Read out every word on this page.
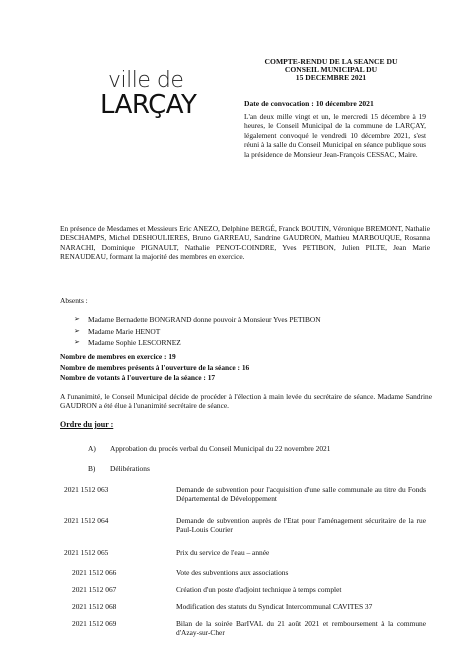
ville de
LARÇAY
COMPTE-RENDU DE LA SEANCE DU
CONSEIL MUNICIPAL DU
15 DECEMBRE 2021
Date de convocation : 10 décembre 2021
L'an deux mille vingt et un, le mercredi 15 décembre à 19 heures, le Conseil Municipal de la commune de LARÇAY, légalement convoqué le vendredi 10 décembre 2021, s'est réuni à la salle du Conseil Municipal en séance publique sous la présidence de Monsieur Jean-François CESSAC, Maire.
En présence de Mesdames et Messieurs Eric ANEZO, Delphine BERGÉ, Franck BOUTIN, Véronique BREMONT, Nathalie DESCHAMPS, Michel DESHOULIERES, Bruno GARREAU, Sandrine GAUDRON, Mathieu MARBOUQUE, Rosanna NARACHI, Dominique PIGNAULT, Nathalie PENOT-COINDRE, Yves PETIBON, Julien PILTE, Jean Marie RENAUDEAU, formant la majorité des membres en exercice.
Absents :
➢ Madame Bernadette BONGRAND donne pouvoir à Monsieur Yves PETIBON
➢ Madame Marie HENOT
➢ Madame Sophie LESCORNEZ
Nombre de membres en exercice : 19
Nombre de membres présents à l'ouverture de la séance : 16
Nombre de votants à l'ouverture de la séance : 17
A l'unanimité, le Conseil Municipal décide de procéder à l'élection à main levée du secrétaire de séance. Madame Sandrine GAUDRON a été élue à l'unanimité secrétaire de séance.
Ordre du jour :
A) Approbation du procès verbal du Conseil Municipal du 22 novembre 2021
B) Délibérations
2021 1512 063	Demande de subvention pour l'acquisition d'une salle communale au titre du Fonds Départemental de Développement
2021 1512 064	Demande de subvention auprès de l'Etat pour l'aménagement sécuritaire de la rue Paul-Louis Courier
2021 1512 065	Prix du service de l'eau – année
2021 1512 066	Vote des subventions aux associations
2021 1512 067	Création d'un poste d'adjoint technique à temps complet
2021 1512 068	Modification des statuts du Syndicat Intercommunal CAVITES 37
2021 1512 069	Bilan de la soirée BarIVAL du 21 août 2021 et remboursement à la commune d'Azay-sur-Cher
